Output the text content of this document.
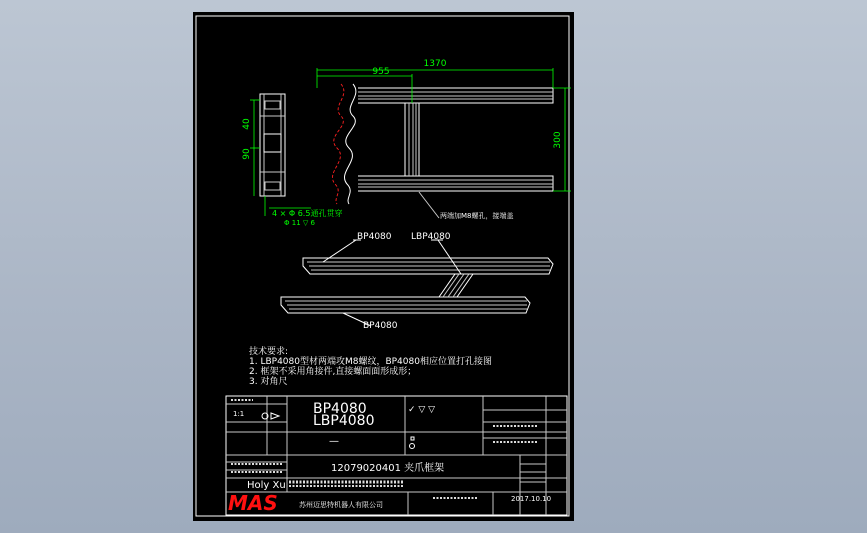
40
90
4 × Φ 6.5通孔贯穿
Φ 11 ▽ 6
1370
955
300
两端加M8螺孔，接端盖
BP4080 LBP4080
BP4080
技术要求:
1. LBP4080型材两端攻M8螺纹，BP4080相应位置打孔接图
2. 框架不采用角接件,直接螺面面形成形；
3. 对角尺
✓ ▽ ▽
BP4080
LBP4080
1:1
—
12079020401 夹爪框架
Holy Xu
MAS	苏州迈思特机器人有限公司
2017.10.10
